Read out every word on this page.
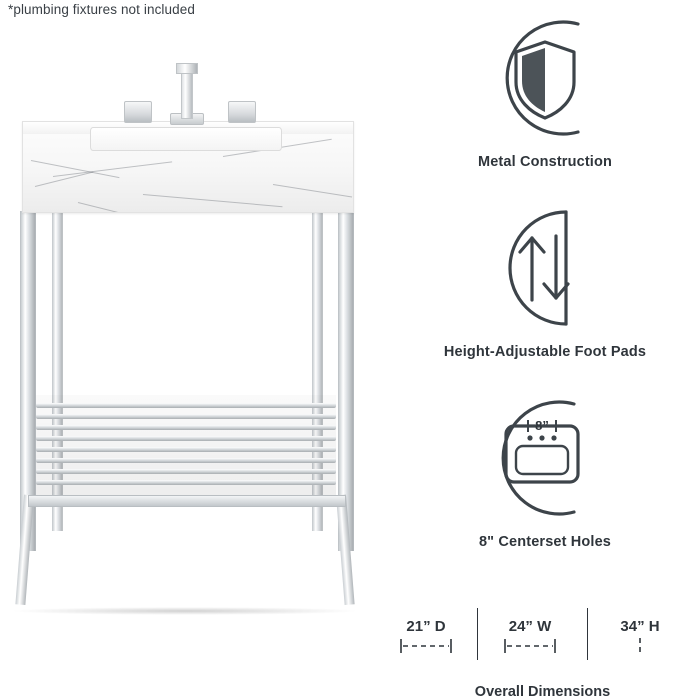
*plumbing fixtures not included
Metal Construction
Height-Adjustable Foot Pads
8”
8" Centerset Holes
21” D	24” W	34” H
Overall Dimensions
